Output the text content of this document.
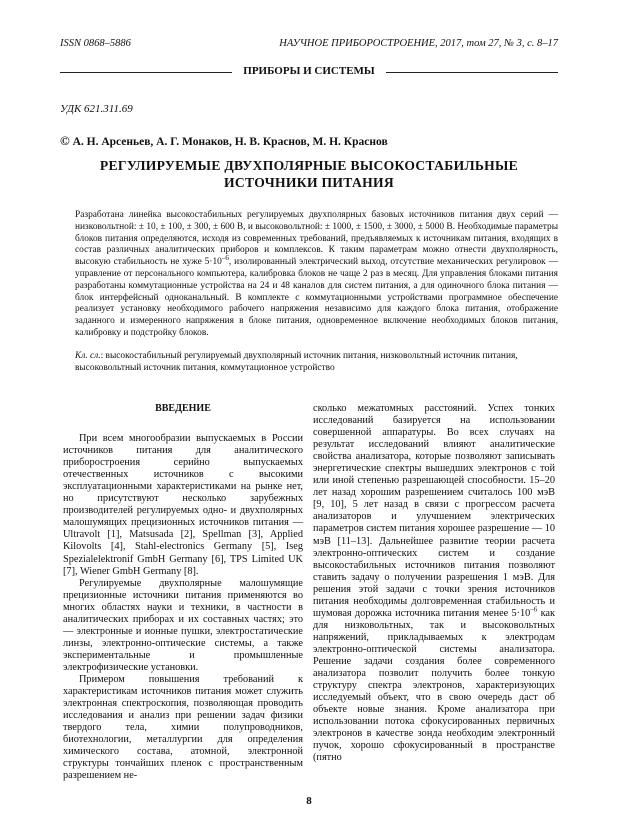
ISSN 0868–5886	НАУЧНОЕ ПРИБОРОСТРОЕНИЕ, 2017, том 27, № 3, c. 8–17
ПРИБОРЫ И СИСТЕМЫ
УДК 621.311.69
© А. Н. Арсеньев, А. Г. Монаков, Н. В. Краснов, М. Н. Краснов
РЕГУЛИРУЕМЫЕ ДВУХПОЛЯРНЫЕ ВЫСОКОСТАБИЛЬНЫЕ
ИСТОЧНИКИ ПИТАНИЯ
Разработана линейка высокостабильных регулируемых двухполярных базовых источников питания двух серий — низковольтной: ± 10, ± 100, ± 300, ± 600 В, и высоковольтной: ± 1000, ± 1500, ± 3000, ± 5000 В. Необходимые параметры блоков питания определяются, исходя из современных требований, предъявляемых к источникам питания, входящих в состав различных аналитических приборов и комплексов. К таким параметрам можно отнести двухполярность, высокую стабильность не хуже $5\cdot 10^{-6}$, изолированный электрический выход, отсутствие механических регулировок — управление от персонального компьютера, калибровка блоков не чаще 2 раз в месяц. Для управления блоками питания разработаны коммутационные устройства на 24 и 48 каналов для систем питания, а для одиночного блока питания — блок интерфейсный одноканальный. В комплекте с коммутационными устройствами программное обеспечение реализует установку необходимого рабочего напряжения независимо для каждого блока питания, отображение заданного и измеренного напряжения в блоке питания, одновременное включение необходимых блоков питания, калибровку и подстройку блоков.
Кл. сл.: высокостабильный регулируемый двухполярный источник питания, низковольтный источник питания, высоковольтный источник питания, коммутационное устройство

ВВЕДЕНИЕ

При всем многообразии выпускаемых в России источников питания для аналитического приборостроения серийно выпускаемых отечественных источников с высокими эксплуатационными характеристиками на рынке нет, но присутствуют несколько зарубежных производителей регулируемых одно- и двухполярных малошумящих прецизионных источников питания — Ultravolt [1], Matsusada [2], Spellman [3], Applied Kilovolts [4], Stahl-electronics Germany [5], Iseg Spezialelektronif GmbH Germany [6], TPS Limited UK [7], Wiener GmbH Germany [8].

Регулируемые двухполярные малошумящие прецизионные источники питания применяются во многих областях науки и техники, в частности в аналитических приборах и их составных частях; это — электронные и ионные пушки, электростатические линзы, электронно-оптические системы, а также экспериментальные и промышленные электрофизические установки.

Примером повышения требований к характеристикам источников питания может служить электронная спектроскопия, позволяющая проводить исследования и анализ при решении задач физики твердого тела, химии полупроводников, биотехнологии, металлургии для определения химического состава, атомной, электронной структуры тончайших пленок с пространственным разрешением не-

сколько межатомных расстояний. Успех тонких исследований базируется на использовании совершенной аппаратуры. Во всех случаях на результат исследований влияют аналитические свойства анализатора, которые позволяют записывать энергетические спектры вышедших электронов с той или иной степенью разрешающей способности. 15–20 лет назад хорошим разрешением считалось 100 мэВ [9, 10], 5 лет назад в связи с прогрессом расчета анализаторов и улучшением электрических параметров систем питания хорошее разрешение — 10 мэВ [11–13]. Дальнейшее развитие теории расчета электронно-оптических систем и создание высокостабильных источников питания позволяют ставить задачу о получении разрешения 1 мэВ. Для решения этой задачи с точки зрения источников питания необходимы долговременная стабильность и шумовая дорожка источника питания менее $5\cdot 10^{-6}$ как для низковольтных, так и высоковольтных напряжений, прикладываемых к электродам электронно-оптической системы анализатора. Решение задачи создания более современного анализатора позволит получить более тонкую структуру спектра электронов, характеризующих исследуемый объект, что в свою очередь даст об объекте новые знания. Кроме анализатора при использовании потока сфокусированных первичных электронов в качестве зонда необходим электронный пучок, хорошо сфокусированный в пространстве (пятно

8
